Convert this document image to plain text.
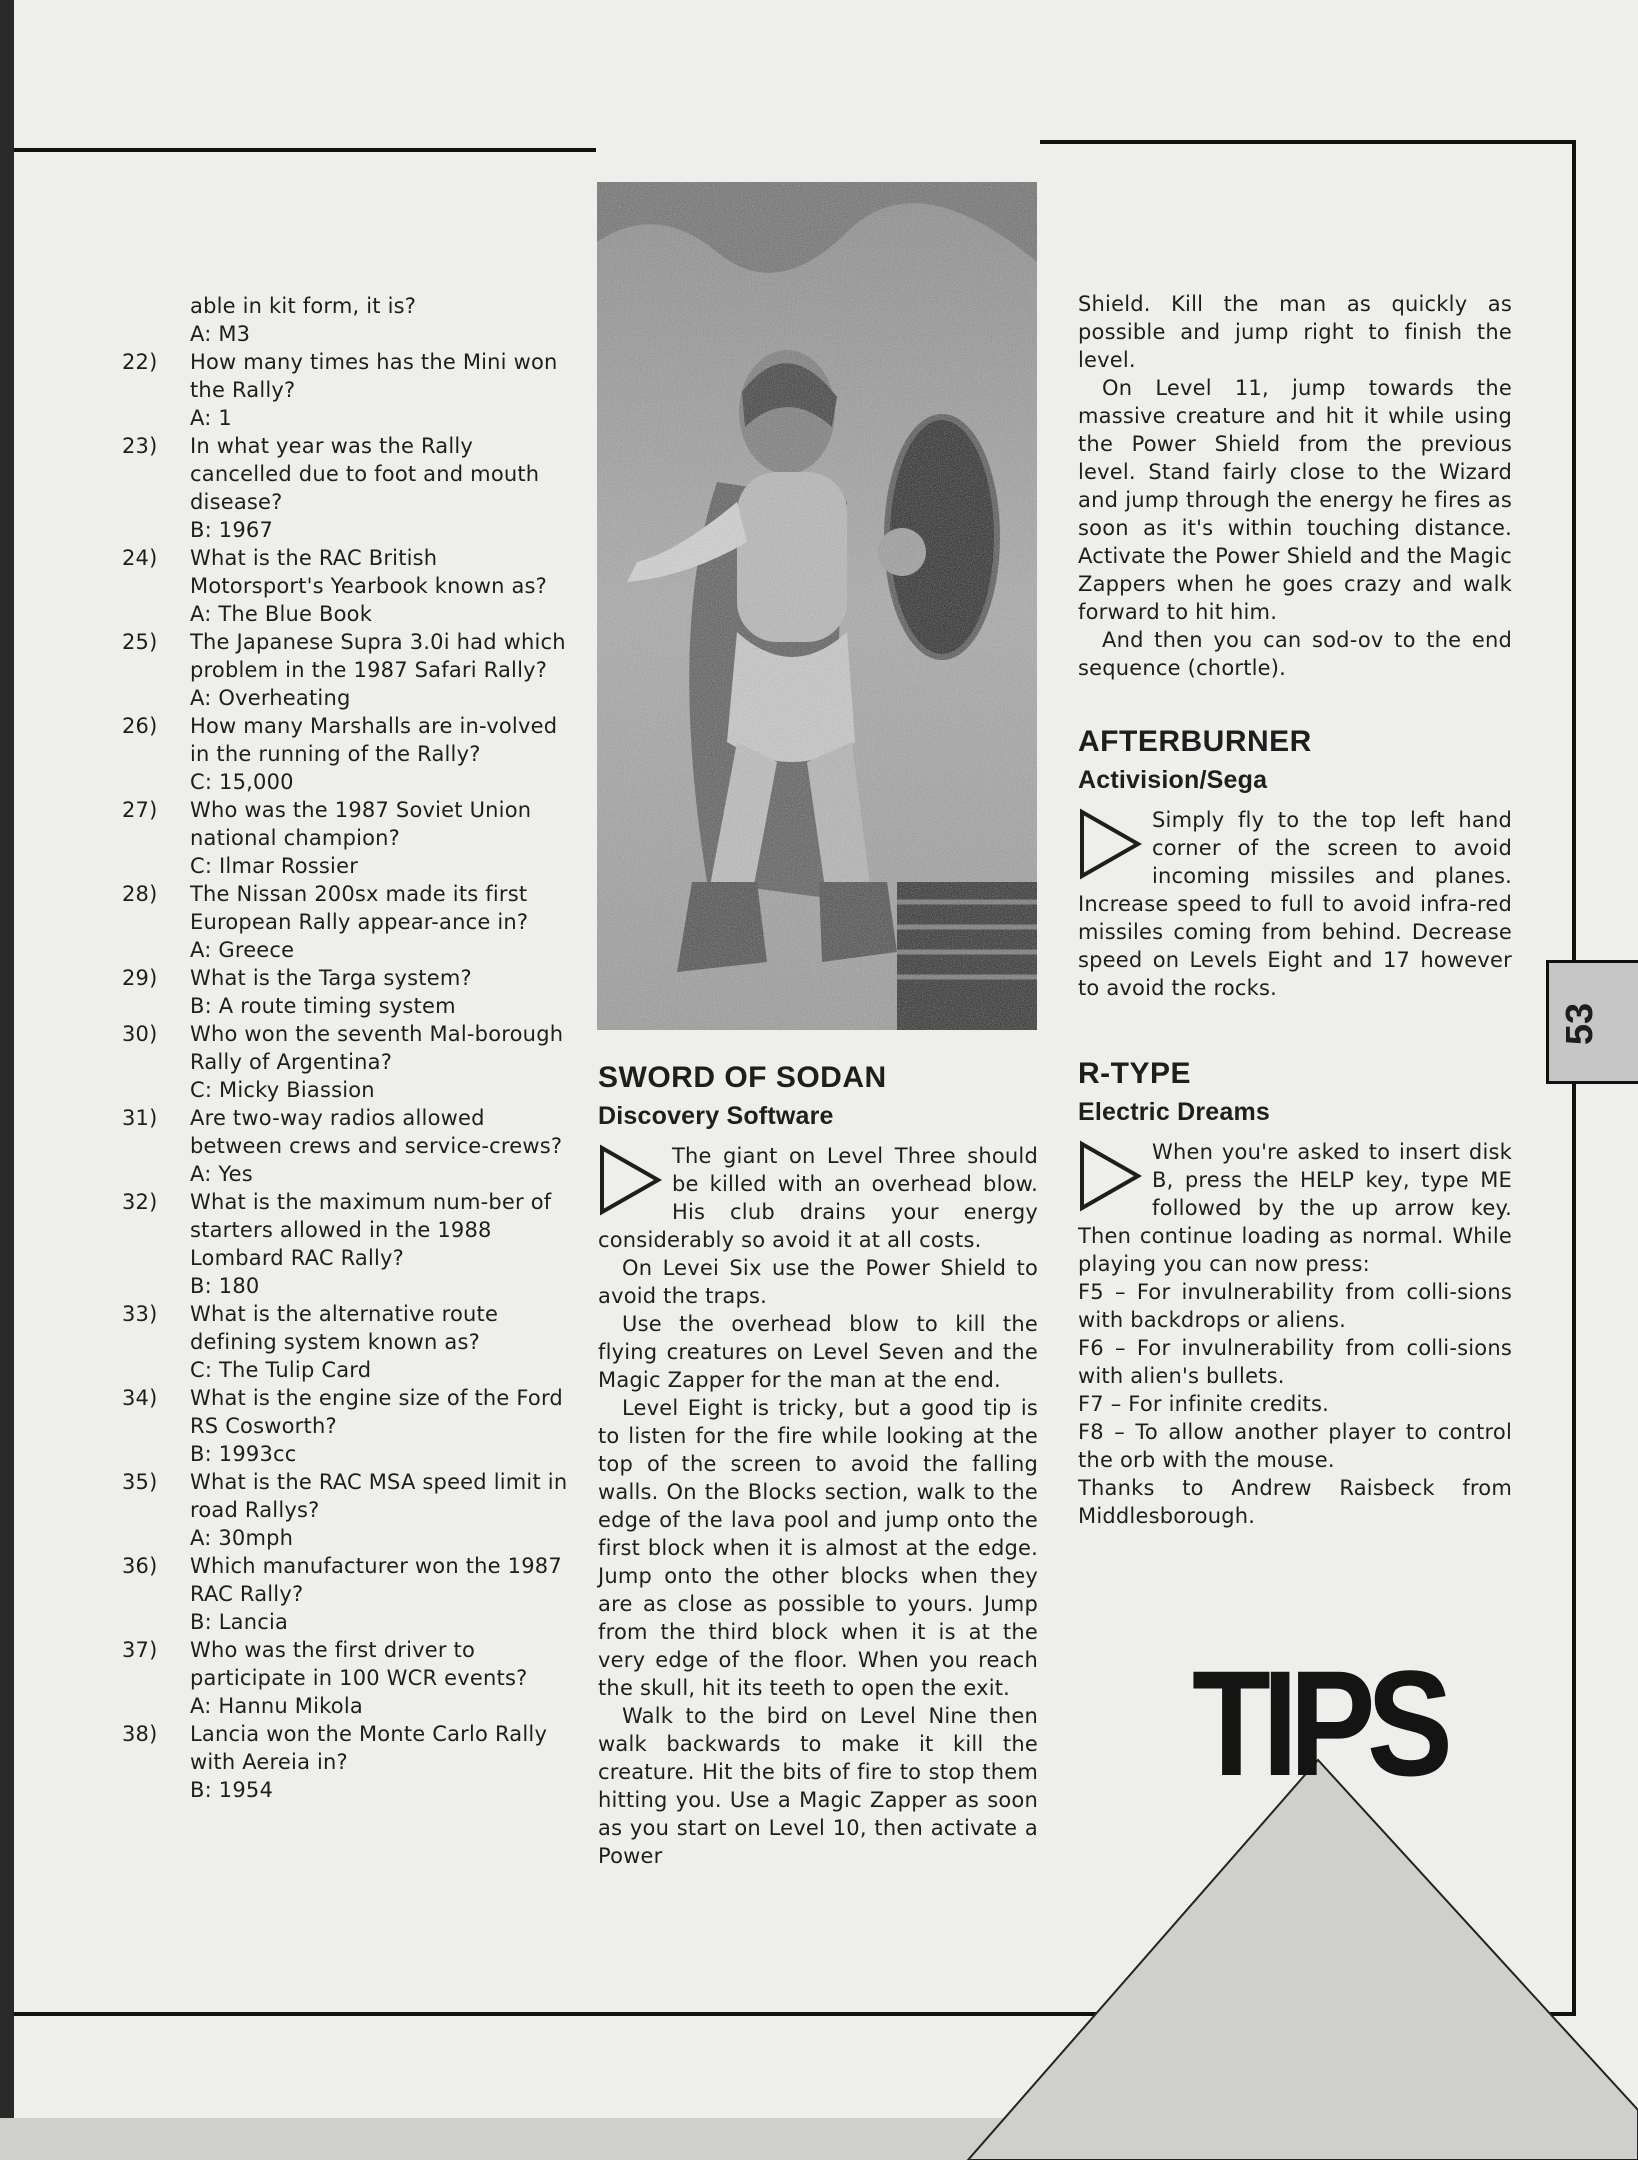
able in kit form, it is?
A: M3
22) How many times has the Mini won the Rally?
A: 1
23) In what year was the Rally cancelled due to foot and mouth disease?
B: 1967
24) What is the RAC British Motorsport's Yearbook known as?
A: The Blue Book
25) The Japanese Supra 3.0i had which problem in the 1987 Safari Rally?
A: Overheating
26) How many Marshalls are in-volved in the running of the Rally?
C: 15,000
27) Who was the 1987 Soviet Union national champion?
C: Ilmar Rossier
28) The Nissan 200sx made its first European Rally appear-ance in?
A: Greece
29) What is the Targa system?
B: A route timing system
30) Who won the seventh Mal-borough Rally of Argentina?
C: Micky Biassion
31) Are two-way radios allowed between crews and service-crews?
A: Yes
32) What is the maximum num-ber of starters allowed in the 1988 Lombard RAC Rally?
B: 180
33) What is the alternative route defining system known as?
C: The Tulip Card
34) What is the engine size of the Ford RS Cosworth?
B: 1993cc
35) What is the RAC MSA speed limit in road Rallys?
A: 30mph
36) Which manufacturer won the 1987 RAC Rally?
B: Lancia
37) Who was the first driver to participate in 100 WCR events?
A: Hannu Mikola
38) Lancia won the Monte Carlo Rally with Aereia in?
B: 1954
SWORD OF SODAN
Discovery Software

The giant on Level Three should be killed with an overhead blow. His club drains your energy considerably so avoid it at all costs.

On Levei Six use the Power Shield to avoid the traps.

Use the overhead blow to kill the flying creatures on Level Seven and the Magic Zapper for the man at the end.

Level Eight is tricky, but a good tip is to listen for the fire while looking at the top of the screen to avoid the falling walls. On the Blocks section, walk to the edge of the lava pool and jump onto the first block when it is almost at the edge. Jump onto the other blocks when they are as close as possible to yours. Jump from the third block when it is at the very edge of the floor. When you reach the skull, hit its teeth to open the exit.

Walk to the bird on Level Nine then walk backwards to make it kill the creature. Hit the bits of fire to stop them hitting you. Use a Magic Zapper as soon as you start on Level 10, then activate a Power

Shield. Kill the man as quickly as possible and jump right to finish the level.

On Level 11, jump towards the massive creature and hit it while using the Power Shield from the previous level. Stand fairly close to the Wizard and jump through the energy he fires as soon as it's within touching distance. Activate the Power Shield and the Magic Zappers when he goes crazy and walk forward to hit him.

And then you can sod-ov to the end sequence (chortle).

AFTERBURNER
Activision/Sega

Simply fly to the top left hand corner of the screen to avoid incoming missiles and planes. Increase speed to full to avoid infra-red missiles coming from behind. Decrease speed on Levels Eight and 17 however to avoid the rocks.

R-TYPE
Electric Dreams

When you're asked to insert disk B, press the HELP key, type ME followed by the up arrow key. Then continue loading as normal. While playing you can now press:

F5 – For invulnerability from colli-sions with backdrops or aliens.

F6 – For invulnerability from colli-sions with alien's bullets.

F7 – For infinite credits.

F8 – To allow another player to control the orb with the mouse.

Thanks to Andrew Raisbeck from Middlesborough.

53
TIPS
